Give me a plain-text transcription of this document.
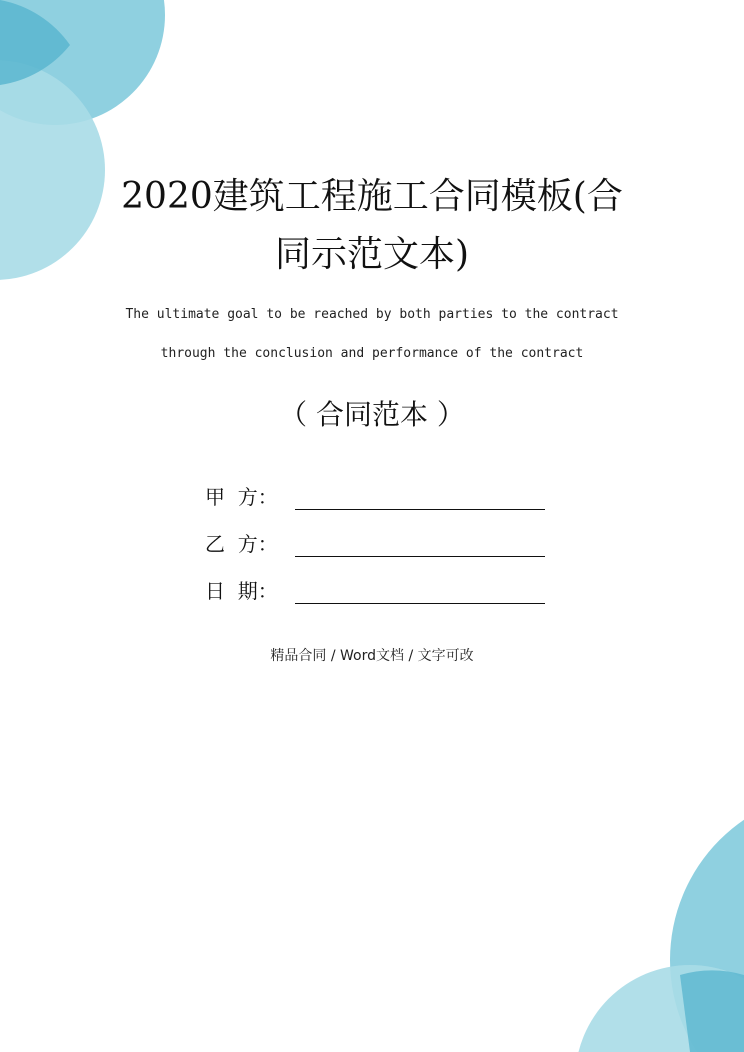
2020建筑工程施工合同模板(合
同示范文本)
The ultimate goal to be reached by both parties to the contract
through the conclusion and performance of the contract
（ 合同范本 ）
甲  方：
乙  方：
日  期：
精品合同 / Word文档 / 文字可改
